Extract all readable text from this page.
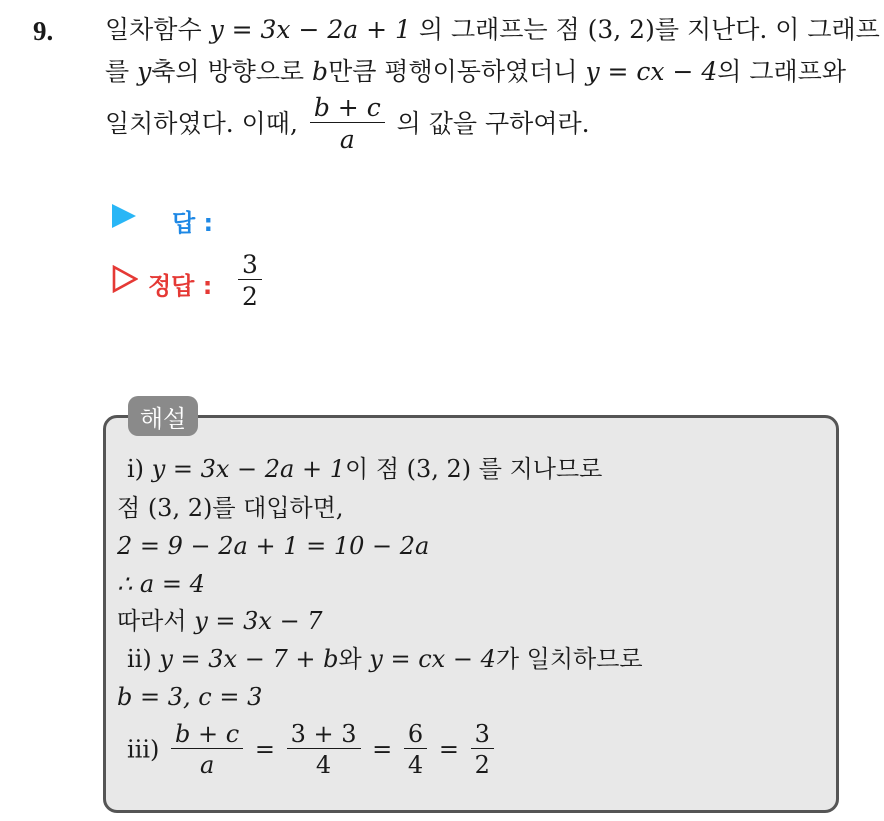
9. 일차함수 y = 3x − 2a + 1 의 그래프는 점 (3, 2)를 지난다. 이 그래프
를 y축의 방향으로 b만큼 평행이동하였더니 y = cx − 4의 그래프와
일치하였다. 이때, $\frac{b + c}{a}$ 의 값을 구하여라.
답 :
정답 : $\frac{3}{2}$
해설
ⅰ) y = 3x − 2a + 1이 점 (3, 2) 를 지나므로
점 (3, 2)를 대입하면,
2 = 9 − 2a + 1 = 10 − 2a
∴ a = 4
따라서 y = 3x − 7
ⅱ) y = 3x − 7 + b와 y = cx − 4가 일치하므로
b = 3, c = 3
ⅲ) $\frac{b + c}{a} = \frac{3 + 3}{4} = \frac{6}{4} = \frac{3}{2}$
